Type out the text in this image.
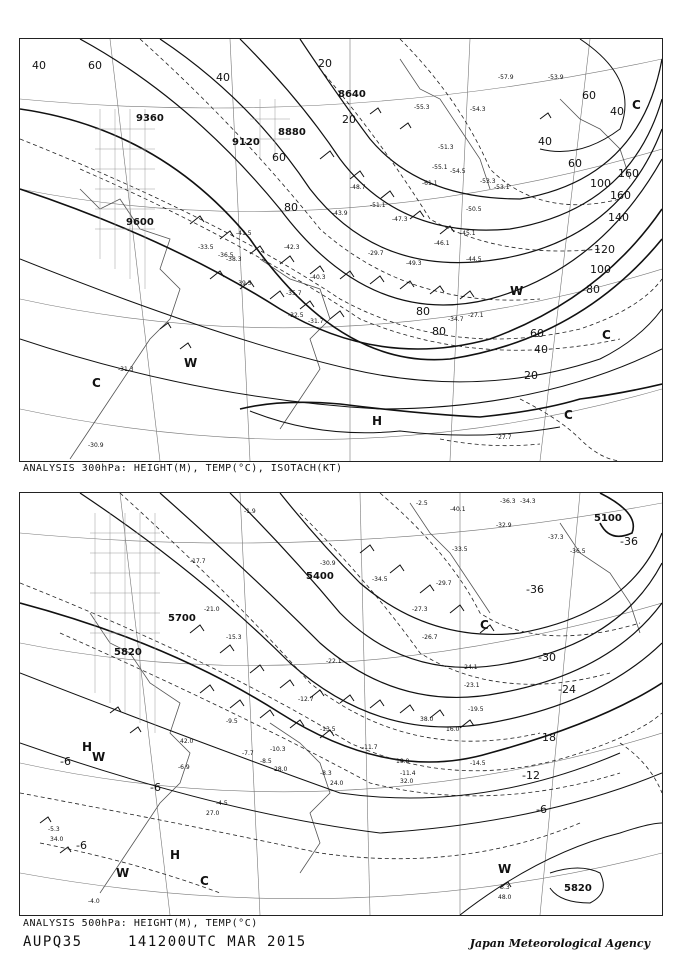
9360
9120
8880
8640
9600
40	60
40
20
20
60
80
40
60
100
160
40
60
80
100
120
140
160
60
40
80
80
20
H
W
W
C
C
C
C
-55.1
-51.3
-53.3
-61.1
-48.7
-47.3
-46.1
-45.1
-44.5
-43.9
-42.3
-41.5
-40.3
-39.5
-38.3
-36.5
-35.7
-34.7
-33.5
-32.5
-31.7
-31.3
-30.9
-29.7
-27.7
-27.1
-50.5
-49.3
-57.9	-53.9
-54.3
-55.3
-53.1
-54.5
-51.1
ANALYSIS 300hPa: HEIGHT(M), TEMP(°C), ISOTACH(KT)
5700
5820
5100
5820
5400
-36
-30
-24
-18
-12
-6
-6
-6
-6
-36
H
H
W
W	W
C
C
-33.5
-34.5
-30.9
-29.7
-27.3
-26.7
-24.1
-23.1
-22.1
-21.0
-19.5
-17.7
-15.3
-14.5
-13.5
-12.7
-11.7
-11.4
-10.3
-9.5
-8.5
-8.3
-7.7
-6.9
-5.3
-4.5
-4.0
-3.3
-2.5
-1.9
28.0
24.0	32.0
42.0
38.0
48.0
19.0
27.0
16.0
34.0
-40.1
-36.3
-32.9
-37.3
-36.5
-34.3
ANALYSIS 500hPa: HEIGHT(M), TEMP(°C)
AUPQ35	141200UTC MAR 2015	Japan Meteorological Agency
